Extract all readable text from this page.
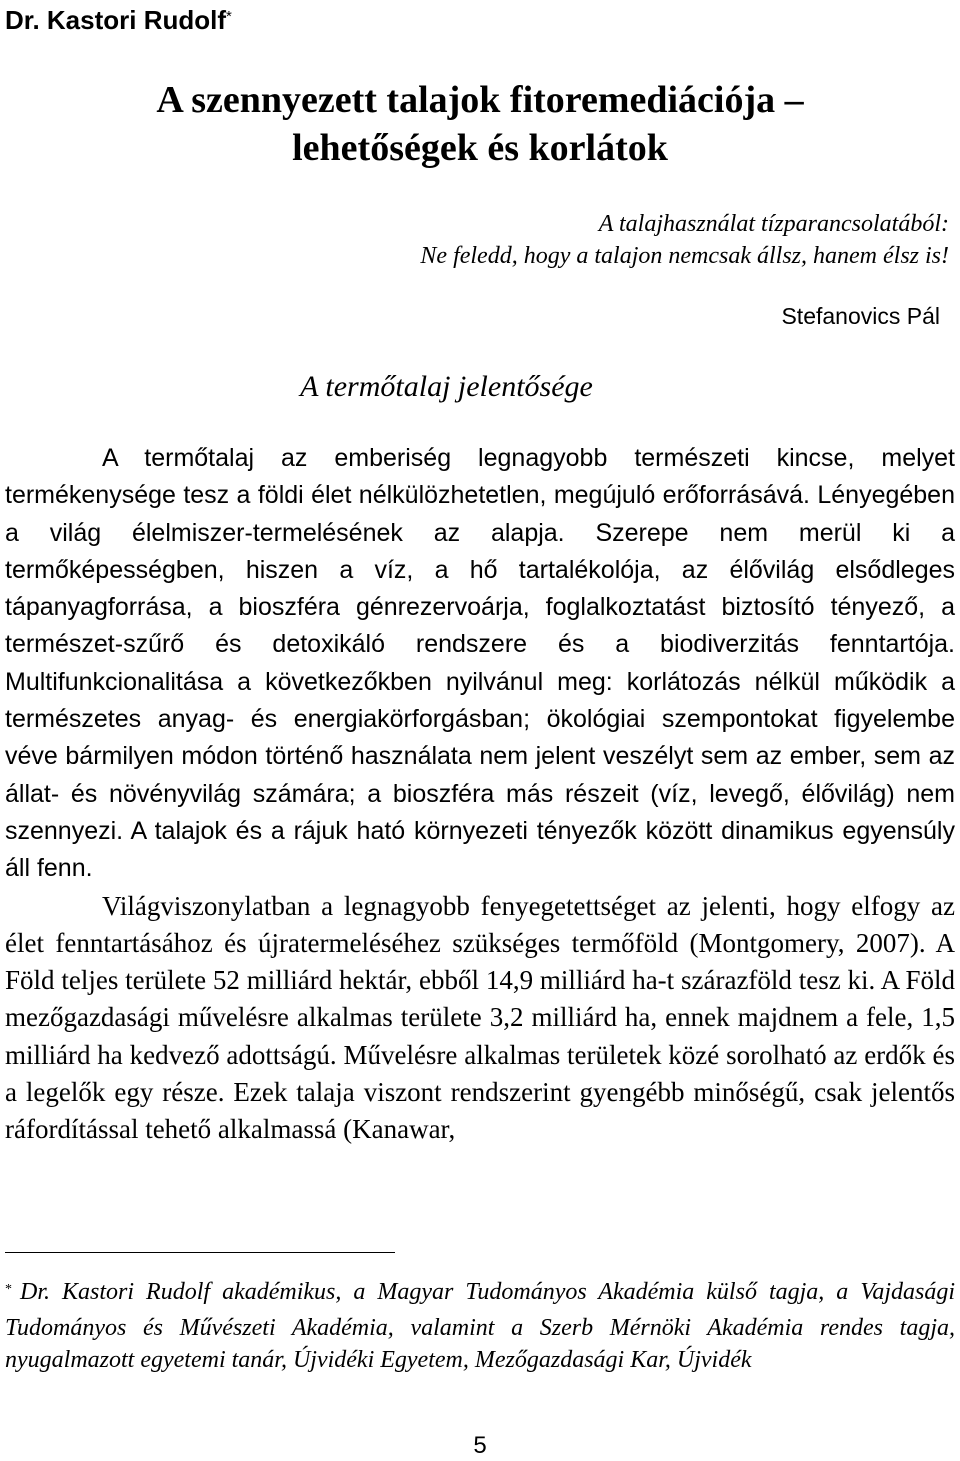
Dr. Kastori Rudolf*
A szennyezett talajok fitoremediációja –
lehetőségek és korlátok
A talajhasználat tízparancsolatából:
Ne feledd, hogy a talajon nemcsak állsz, hanem élsz is!
Stefanovics Pál
A termőtalaj jelentősége

A termőtalaj az emberiség legnagyobb természeti kincse, melyet termékenysége tesz a földi élet nélkülözhetetlen, megújuló erőforrásává. Lényegében a világ élelmiszer-termelésének az alapja. Szerepe nem merül ki a termőképességben, hiszen a víz, a hő tartalékolója, az élővilág elsődleges tápanyagforrása, a bioszféra génrezervoárja, foglalkoztatást biztosító tényező, a természet-szűrő és detoxikáló rendszere és a biodiverzitás fenntartója. Multifunkcionalitása a következőkben nyilvánul meg: korlátozás nélkül működik a természetes anyag- és energiakörforgásban; ökológiai szempontokat figyelembe véve bármilyen módon történő használata nem jelent veszélyt sem az ember, sem az állat- és növényvilág számára; a bioszféra más részeit (víz, levegő, élővilág) nem szennyezi. A talajok és a rájuk ható környezeti tényezők között dinamikus egyensúly áll fenn.

Világviszonylatban a legnagyobb fenyegetettséget az jelenti, hogy elfogy az élet fenntartásához és újratermeléséhez szükséges termőföld (Montgomery, 2007). A Föld teljes területe 52 milliárd hektár, ebből 14,9 milliárd ha-t szárazföld tesz ki. A Föld mezőgazdasági művelésre alkalmas területe 3,2 milliárd ha, ennek majdnem a fele, 1,5 milliárd ha kedvező adottságú. Művelésre alkalmas területek közé sorolható az erdők és a legelők egy része. Ezek talaja viszont rendszerint gyengébb minőségű, csak jelentős ráfordítással tehető alkalmassá (Kanawar,

* Dr. Kastori Rudolf akadémikus, a Magyar Tudományos Akadémia külső tagja, a Vajdasági Tudományos és Művészeti Akadémia, valamint a Szerb Mérnöki Akadémia rendes tagja, nyugalmazott egyetemi tanár, Újvidéki Egyetem, Mezőgazdasági Kar, Újvidék

5
